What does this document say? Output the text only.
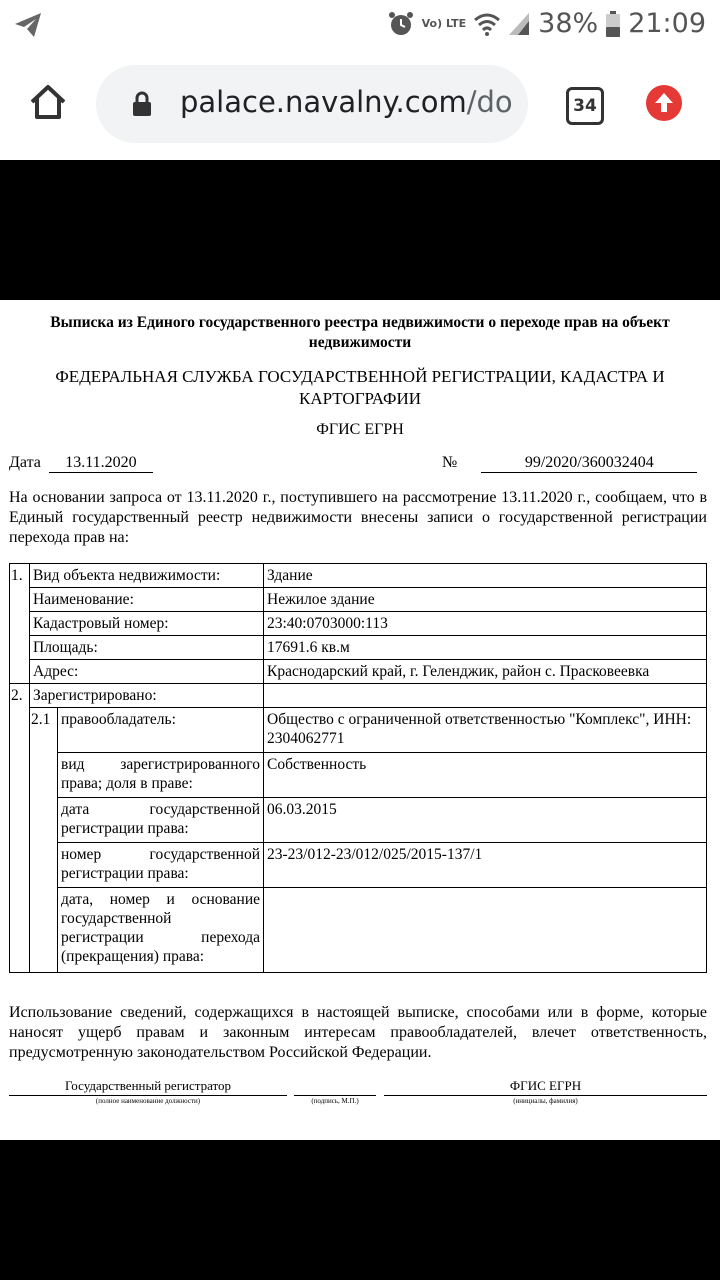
Vo) LTE	38% 21:09
palace.navalny.com/do	34
Выписка из Единого государственного реестра недвижимости о переходе прав на объект недвижимости
ФЕДЕРАЛЬНАЯ СЛУЖБА ГОСУДАРСТВЕННОЙ РЕГИСТРАЦИИ, КАДАСТРА И КАРТОГРАФИИ
ФГИС ЕГРН
Дата 13.11.2020	№	99/2020/360032404
На основании запроса от 13.11.2020 г., поступившего на рассмотрение 13.11.2020 г., сообщаем, что в Единый государственный реестр недвижимости внесены записи о государственной регистрации перехода прав на:
1.	Вид объекта недвижимости:		Здание
	Наименование:		Нежилое здание
	Кадастровый номер:		23:40:0703000:113
	Площадь:		17691.6 кв.м
	Адрес:		Краснодарский край, г. Геленджик, район с. Прасковеевка
2.	Зарегистрировано:		
	2.1	правообладатель:	Общество с ограниченной ответственностью "Комплекс", ИНН: 2304062771

		вид зарегистрированного
права; доля в праве:	Собственность

		дата государственной
регистрации права:	06.03.2015

		номер государственной
регистрации права:	23-23/012-23/012/025/2015-137/1

		дата, номер и основание
государственной
регистрации перехода
(прекращения) права:	

Использование сведений, содержащихся в настоящей выписке, способами или в форме, которые наносят ущерб правам и законным интересам правообладателей, влечет ответственность, предусмотренную законодательством Российской Федерации.
Государственный регистратор
(полное наименование должности)
	(подпись, М.П.)
ФГИС ЕГРН
(инициалы, фамилия)
